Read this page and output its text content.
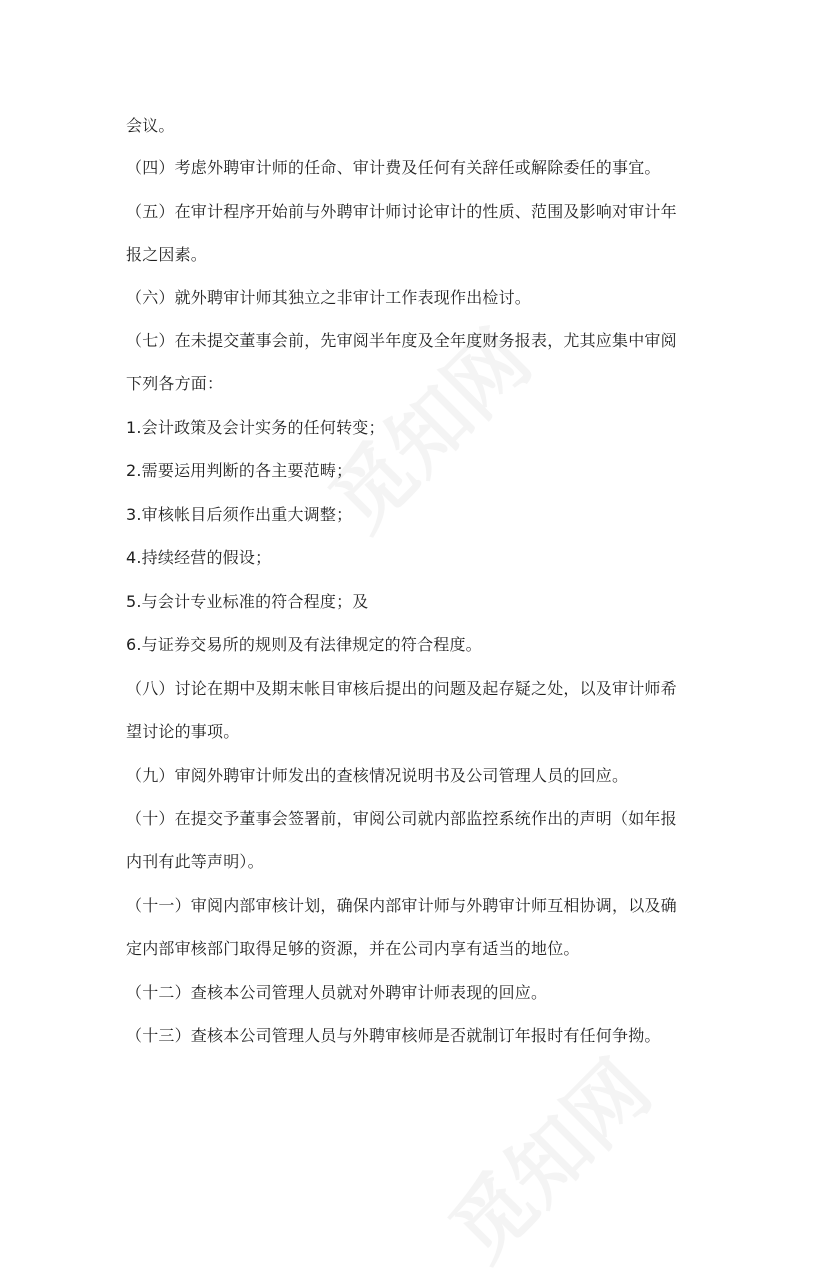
会议。
（四）考虑外聘审计师的任命、审计费及任何有关辞任或解除委任的事宜。
（五）在审计程序开始前与外聘审计师讨论审计的性质、范围及影响对审计年
报之因素。
（六）就外聘审计师其独立之非审计工作表现作出检讨。
（七）在未提交董事会前，先审阅半年度及全年度财务报表，尤其应集中审阅
下列各方面：
1.会计政策及会计实务的任何转变；
2.需要运用判断的各主要范畴；
3.审核帐目后须作出重大调整；
4.持续经营的假设；
5.与会计专业标准的符合程度；及
6.与证券交易所的规则及有法律规定的符合程度。
（八）讨论在期中及期末帐目审核后提出的问题及起存疑之处，以及审计师希
望讨论的事项。
（九）审阅外聘审计师发出的查核情况说明书及公司管理人员的回应。
（十）在提交予董事会签署前，审阅公司就内部监控系统作出的声明（如年报
内刊有此等声明）。
（十一）审阅内部审核计划，确保内部审计师与外聘审计师互相协调，以及确
定内部审核部门取得足够的资源，并在公司内享有适当的地位。
（十二）查核本公司管理人员就对外聘审计师表现的回应。
（十三）查核本公司管理人员与外聘审核师是否就制订年报时有任何争拗。
